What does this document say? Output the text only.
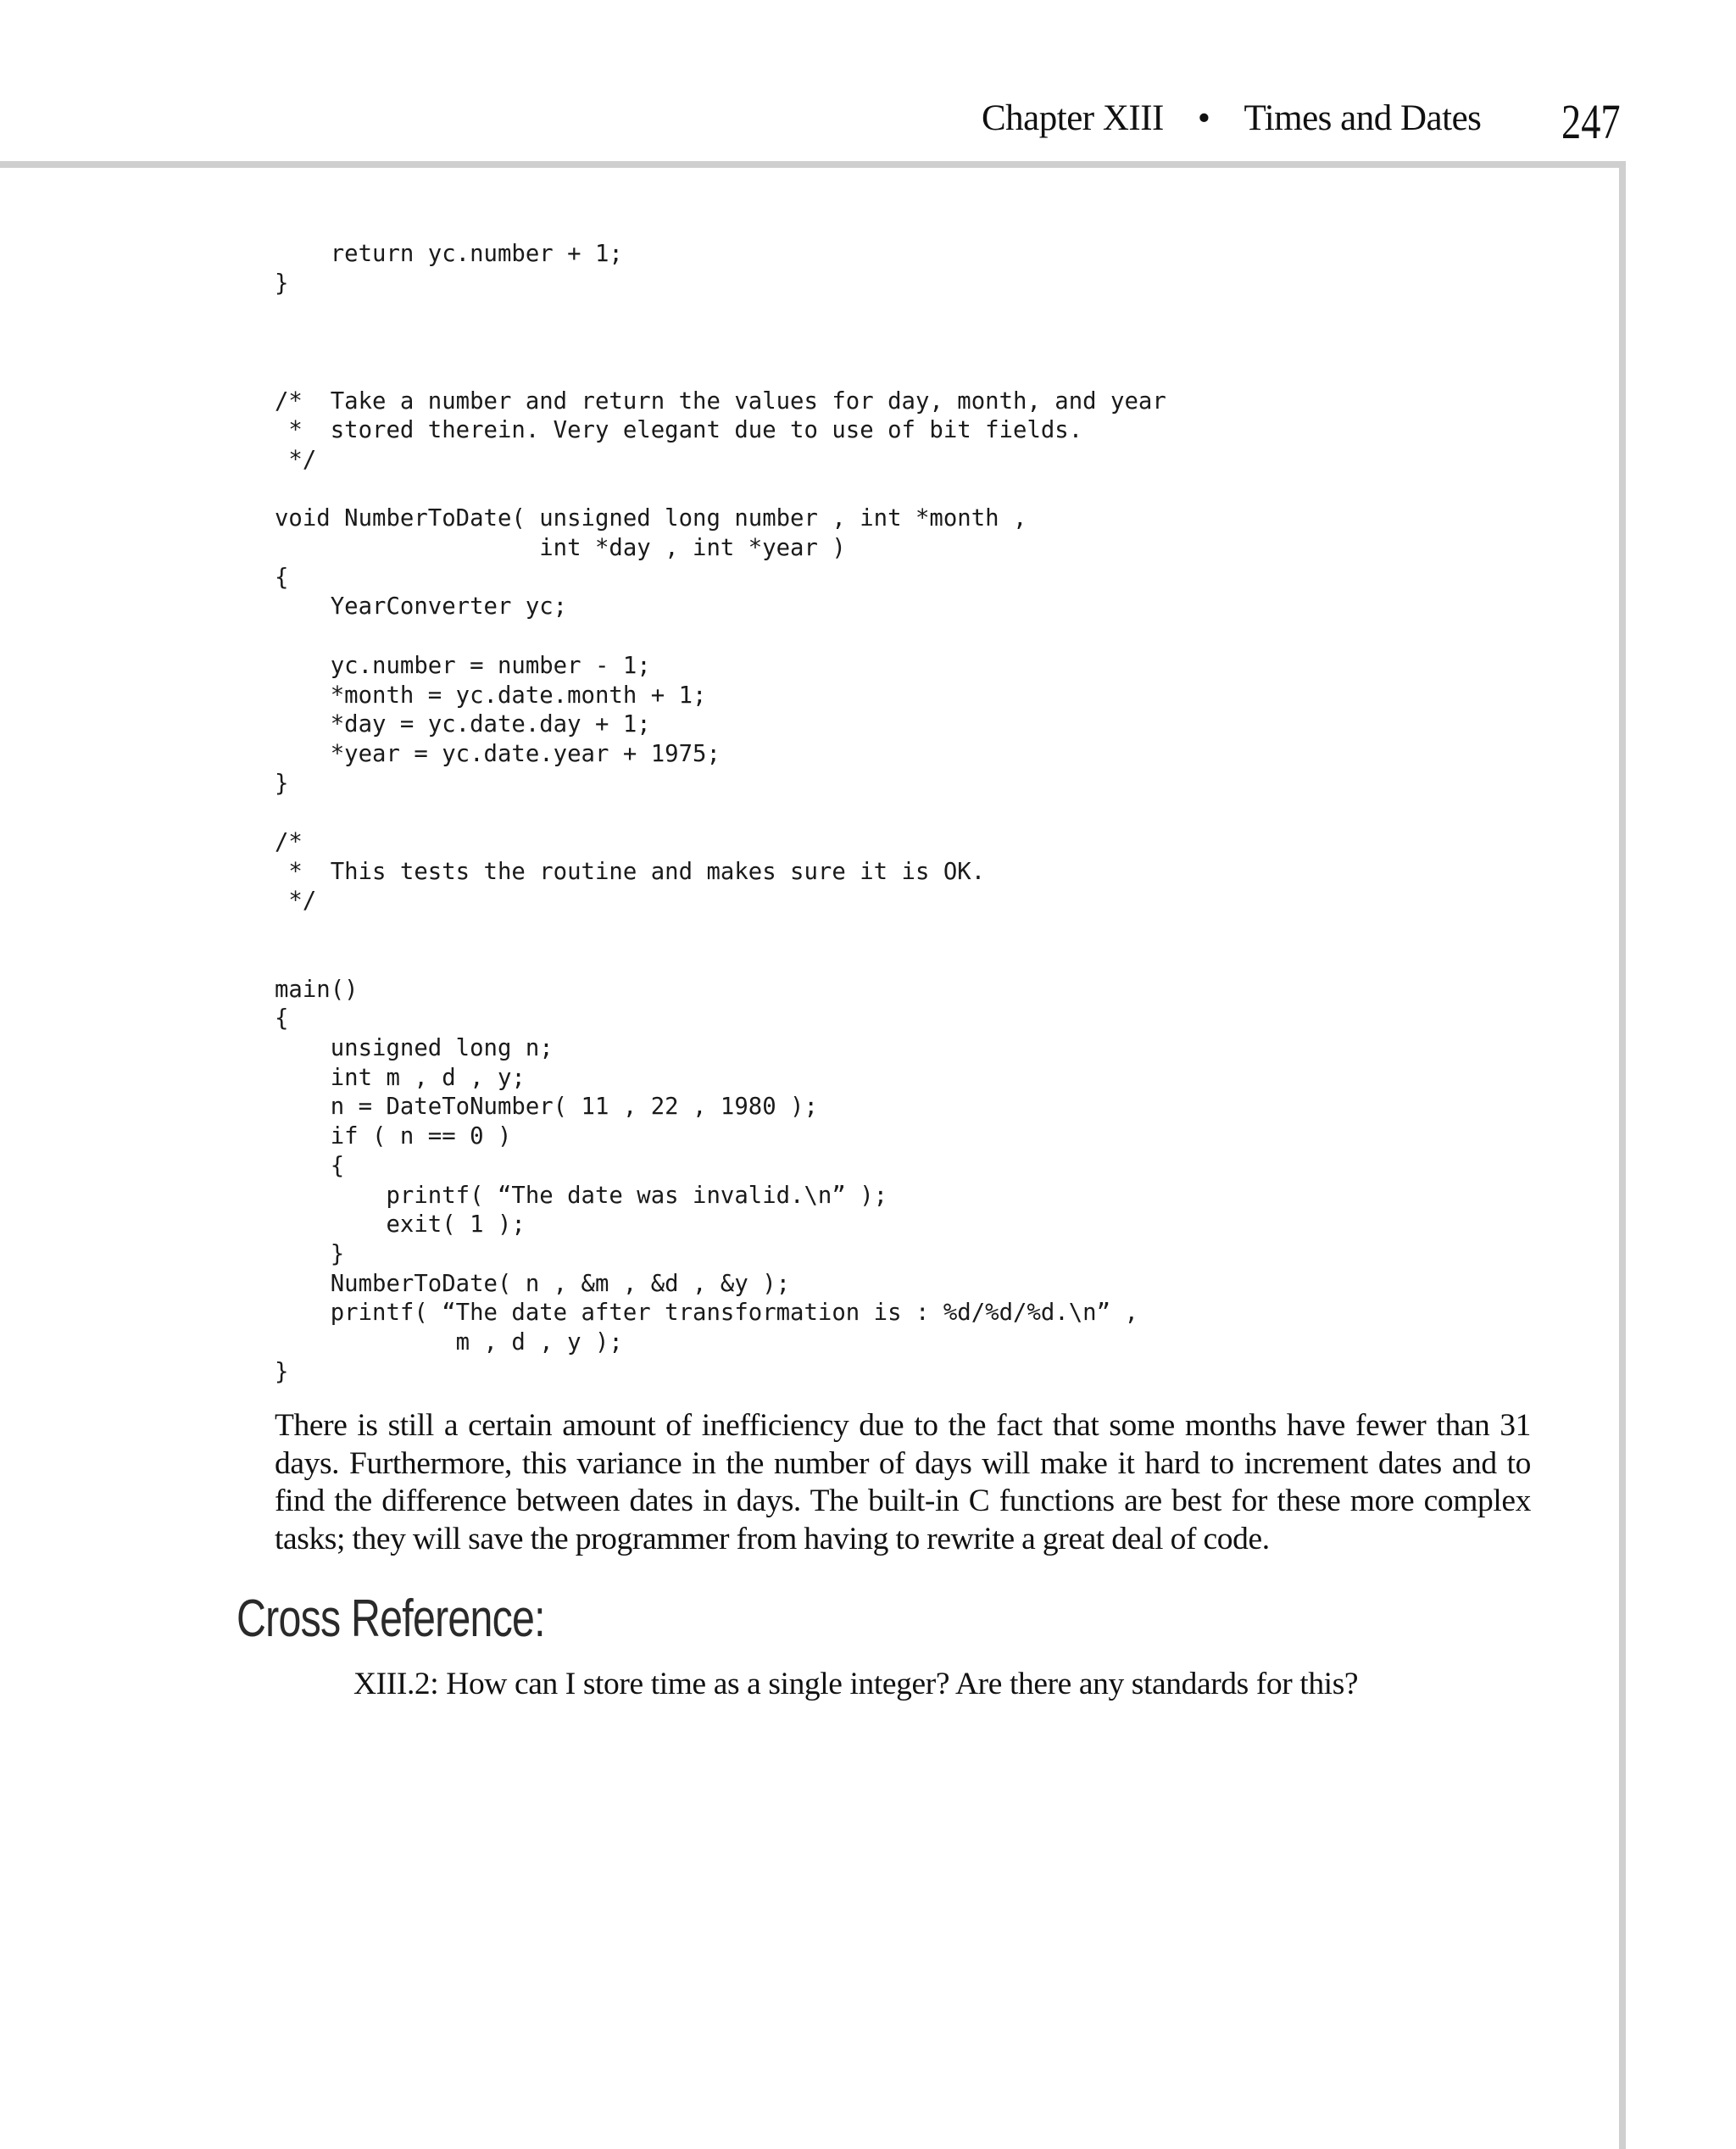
Chapter XIII • Times and Dates 247
return yc.number + 1;
}

/*  Take a number and return the values for day, month, and year
*  stored therein. Very elegant due to use of bit fields.
*/

void NumberToDate( unsigned long number , int *month ,
int *day , int *year )
{
YearConverter yc;

yc.number = number - 1;
*month = yc.date.month + 1;
*day = yc.date.day + 1;
*year = yc.date.year + 1975;
}

/*
*  This tests the routine and makes sure it is OK.
*/

main()
{
unsigned long n;
int m , d , y;
n = DateToNumber( 11 , 22 , 1980 );
if ( n == 0 )
{
printf( “The date was invalid.\n” );
exit( 1 );
}
NumberToDate( n , &m , &d , &y );
printf( “The date after transformation is : %d/%d/%d.\n” ,
m , d , y );
}

There is still a certain amount of inefficiency due to the fact that some months have fewer than 31 days. Furthermore, this variance in the number of days will make it hard to increment dates and to find the difference between dates in days. The built-in C functions are best for these more complex tasks; they will save the programmer from having to rewrite a great deal of code.

Cross Reference:

XIII.2: How can I store time as a single integer? Are there any standards for this?
